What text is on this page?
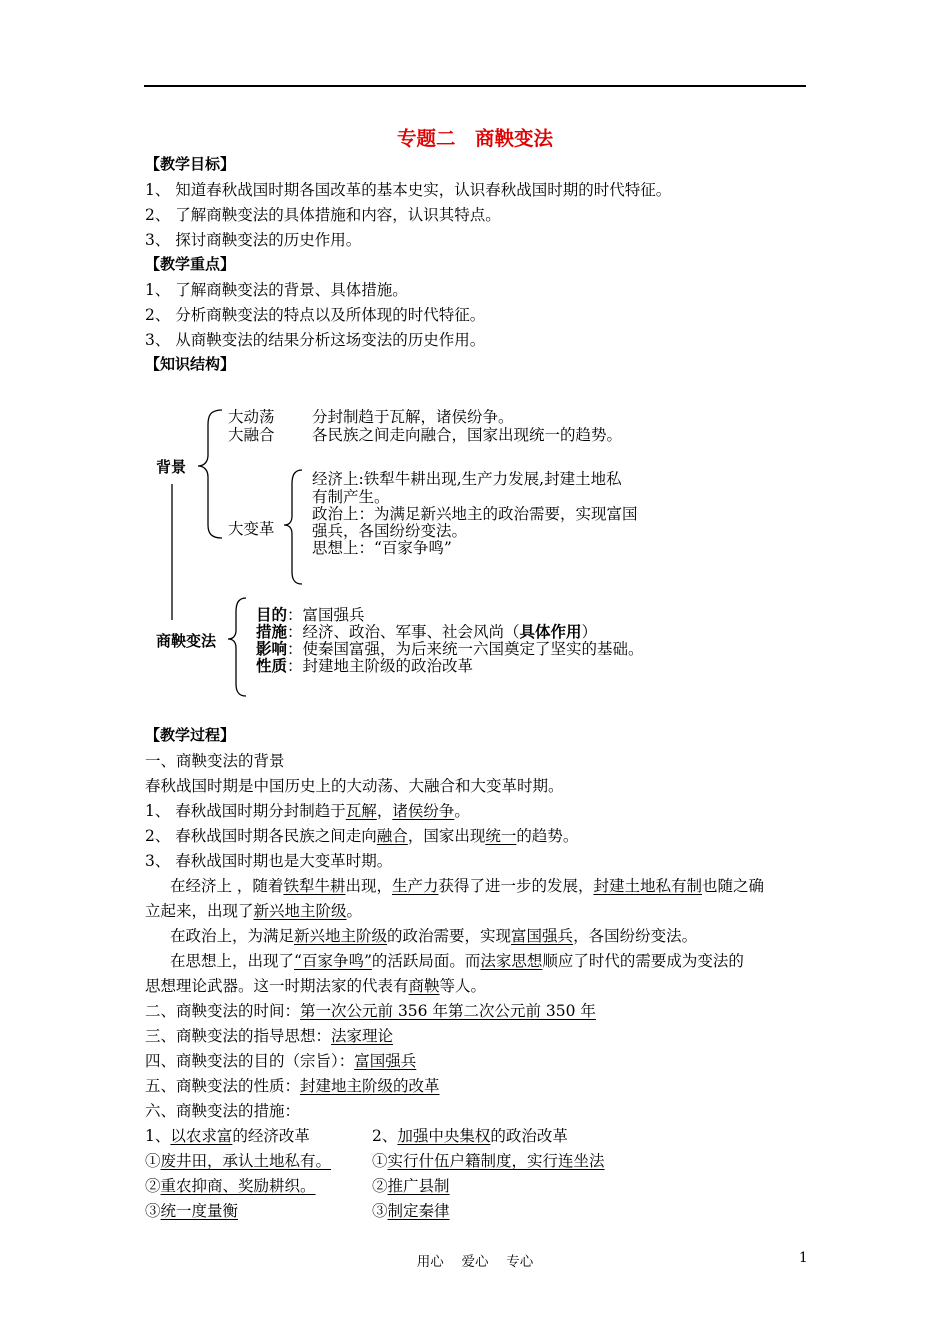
专题二　商鞅变法
【教学目标】
1、 知道春秋战国时期各国改革的基本史实，认识春秋战国时期的时代特征。
2、 了解商鞅变法的具体措施和内容，认识其特点。
3、 探讨商鞅变法的历史作用。
【教学重点】
1、 了解商鞅变法的背景、具体措施。
2、 分析商鞅变法的特点以及所体现的时代特征。
3、 从商鞅变法的结果分析这场变法的历史作用。
【知识结构】
背景
大动荡 分封制趋于瓦解，诸侯纷争。
大融合 各民族之间走向融合，国家出现统一的趋势。
大变革
经济上:铁犁牛耕出现,生产力发展,封建土地私
有制产生。
政治上：为满足新兴地主的政治需要，实现富国
强兵，各国纷纷变法。
思想上：“百家争鸣”
商鞅变法
目的：富国强兵
措施：经济、政治、军事、社会风尚（具体作用）
影响：使秦国富强，为后来统一六国奠定了坚实的基础。
性质：封建地主阶级的政治改革
【教学过程】
一、商鞅变法的背景
春秋战国时期是中国历史上的大动荡、大融合和大变革时期。
1、 春秋战国时期分封制趋于瓦解，诸侯纷争。
2、 春秋战国时期各民族之间走向融合，国家出现统一的趋势。
3、 春秋战国时期也是大变革时期。
在经济上 ，随着铁犁牛耕出现，生产力获得了进一步的发展，封建土地私有制也随之确
立起来，出现了新兴地主阶级。
在政治上，为满足新兴地主阶级的政治需要，实现富国强兵，各国纷纷变法。
在思想上，出现了“百家争鸣”的活跃局面。而法家思想顺应了时代的需要成为变法的
思想理论武器。这一时期法家的代表有商鞅等人。
二、商鞅变法的时间：第一次公元前 356 年第二次公元前 350 年
三、商鞅变法的指导思想：法家理论
四、商鞅变法的目的（宗旨）：富国强兵
五、商鞅变法的性质：封建地主阶级的改革
六、商鞅变法的措施：
1、以农求富的经济改革	2、加强中央集权的政治改革
①废井田，承认土地私有。	①实行什伍户籍制度，实行连坐法
②重农抑商、奖励耕织。	②推广县制
③统一度量衡	③制定秦律
用心　 爱心　 专心	1
